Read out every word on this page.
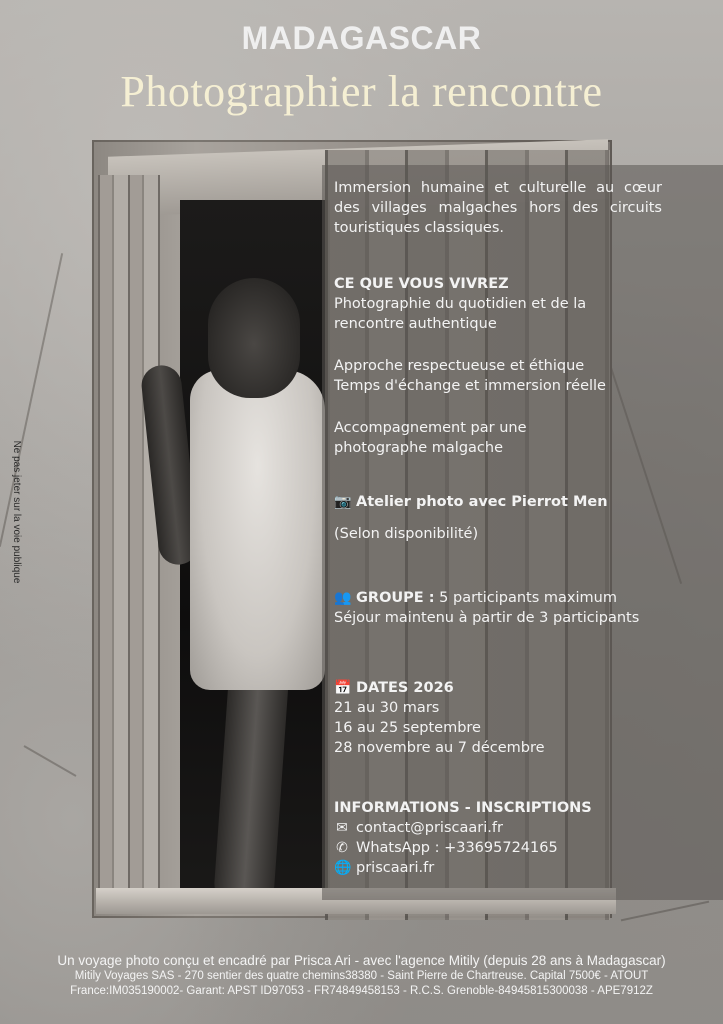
MADAGASCAR
Photographier la rencontre
Ne pas jeter sur la voie publique
Immersion humaine et culturelle au cœur des villages malgaches hors des circuits touristiques classiques.
CE QUE VOUS VIVREZ
Photographie du quotidien et de la rencontre authentique
Approche respectueuse et éthique
Temps d'échange et immersion réelle
Accompagnement par une photographe malgache
📷 Atelier photo avec Pierrot Men
(Selon disponibilité)
👥 GROUPE : 5 participants maximum
Séjour maintenu à partir de 3 participants
📅 DATES 2026
21 au 30 mars
16 au 25 septembre
28 novembre au 7 décembre
INFORMATIONS - INSCRIPTIONS
✉ contact@priscaari.fr
✆ WhatsApp : +33695724165
🌐 priscaari.fr
Un voyage photo conçu et encadré par Prisca Ari - avec l'agence Mitily (depuis 28 ans à Madagascar)
Mitily Voyages SAS - 270 sentier des quatre chemins38380 - Saint Pierre de Chartreuse. Capital 7500€ - ATOUT
France:IM035190002- Garant: APST ID97053 - FR74849458153 - R.C.S. Grenoble-84945815300038 - APE7912Z
